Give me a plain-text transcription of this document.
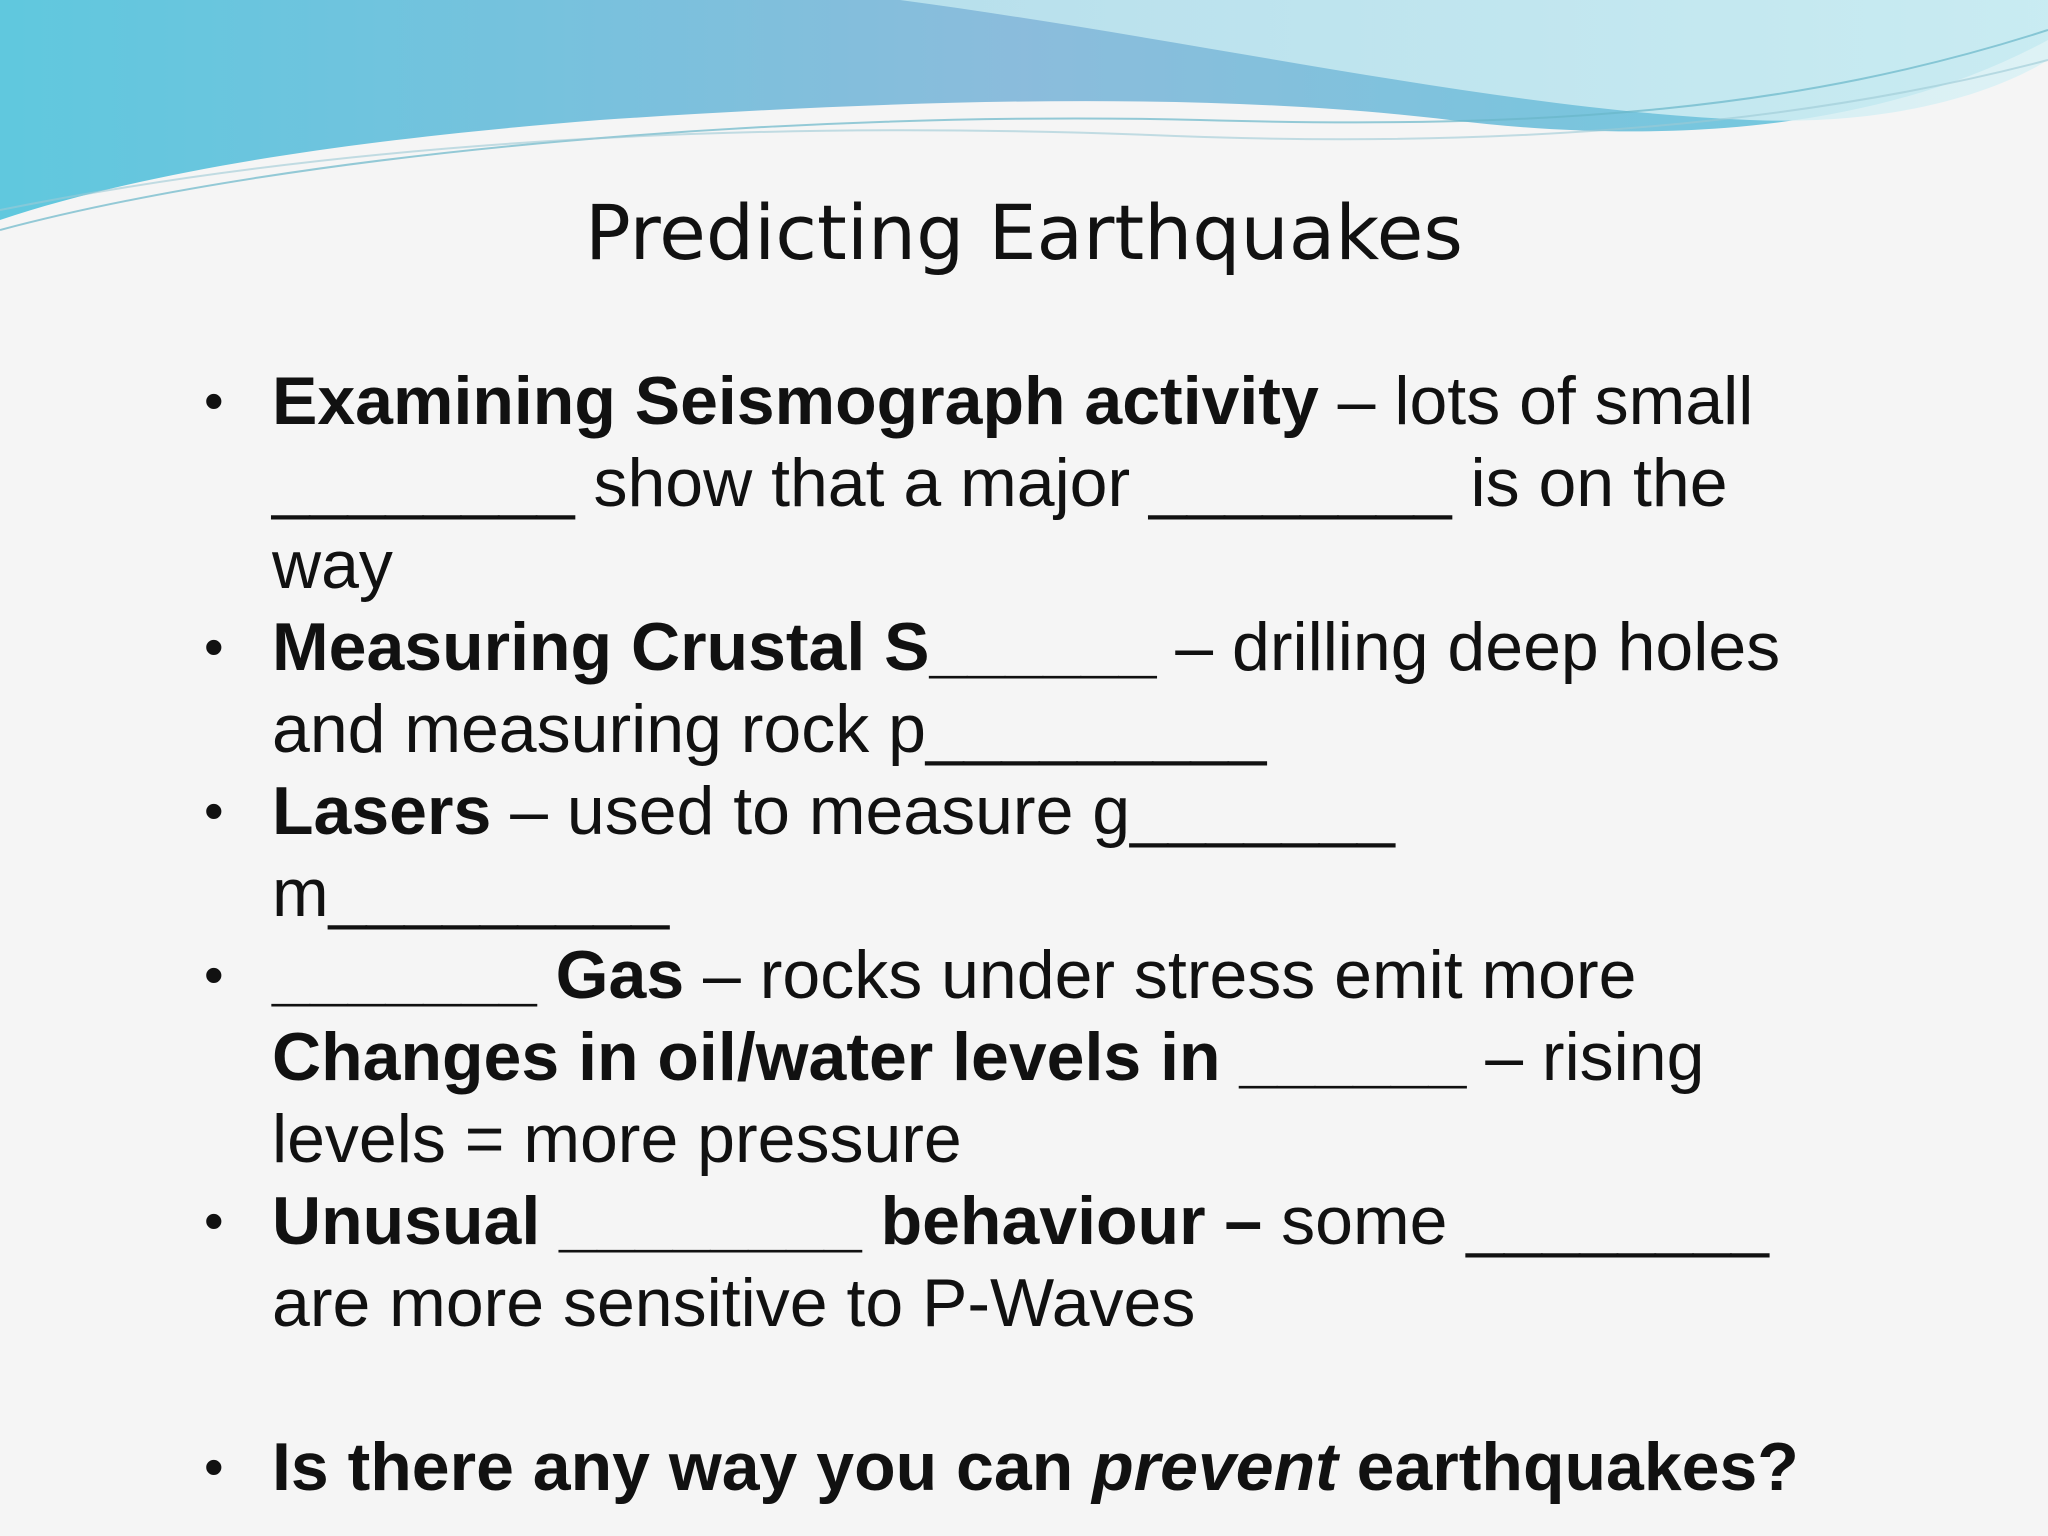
Predicting Earthquakes
• Examining Seismograph activity – lots of small ________ show that a major ________ is on the way
• Measuring Crustal S______ – drilling deep holes and measuring rock p_________
• Lasers – used to measure g_______ m_________
• _______ Gas – rocks under stress emit more
Changes in oil/water levels in ______ – rising levels = more pressure
• Unusual ________ behaviour – some ________ are more sensitive to P-Waves
• Is there any way you can prevent earthquakes?
